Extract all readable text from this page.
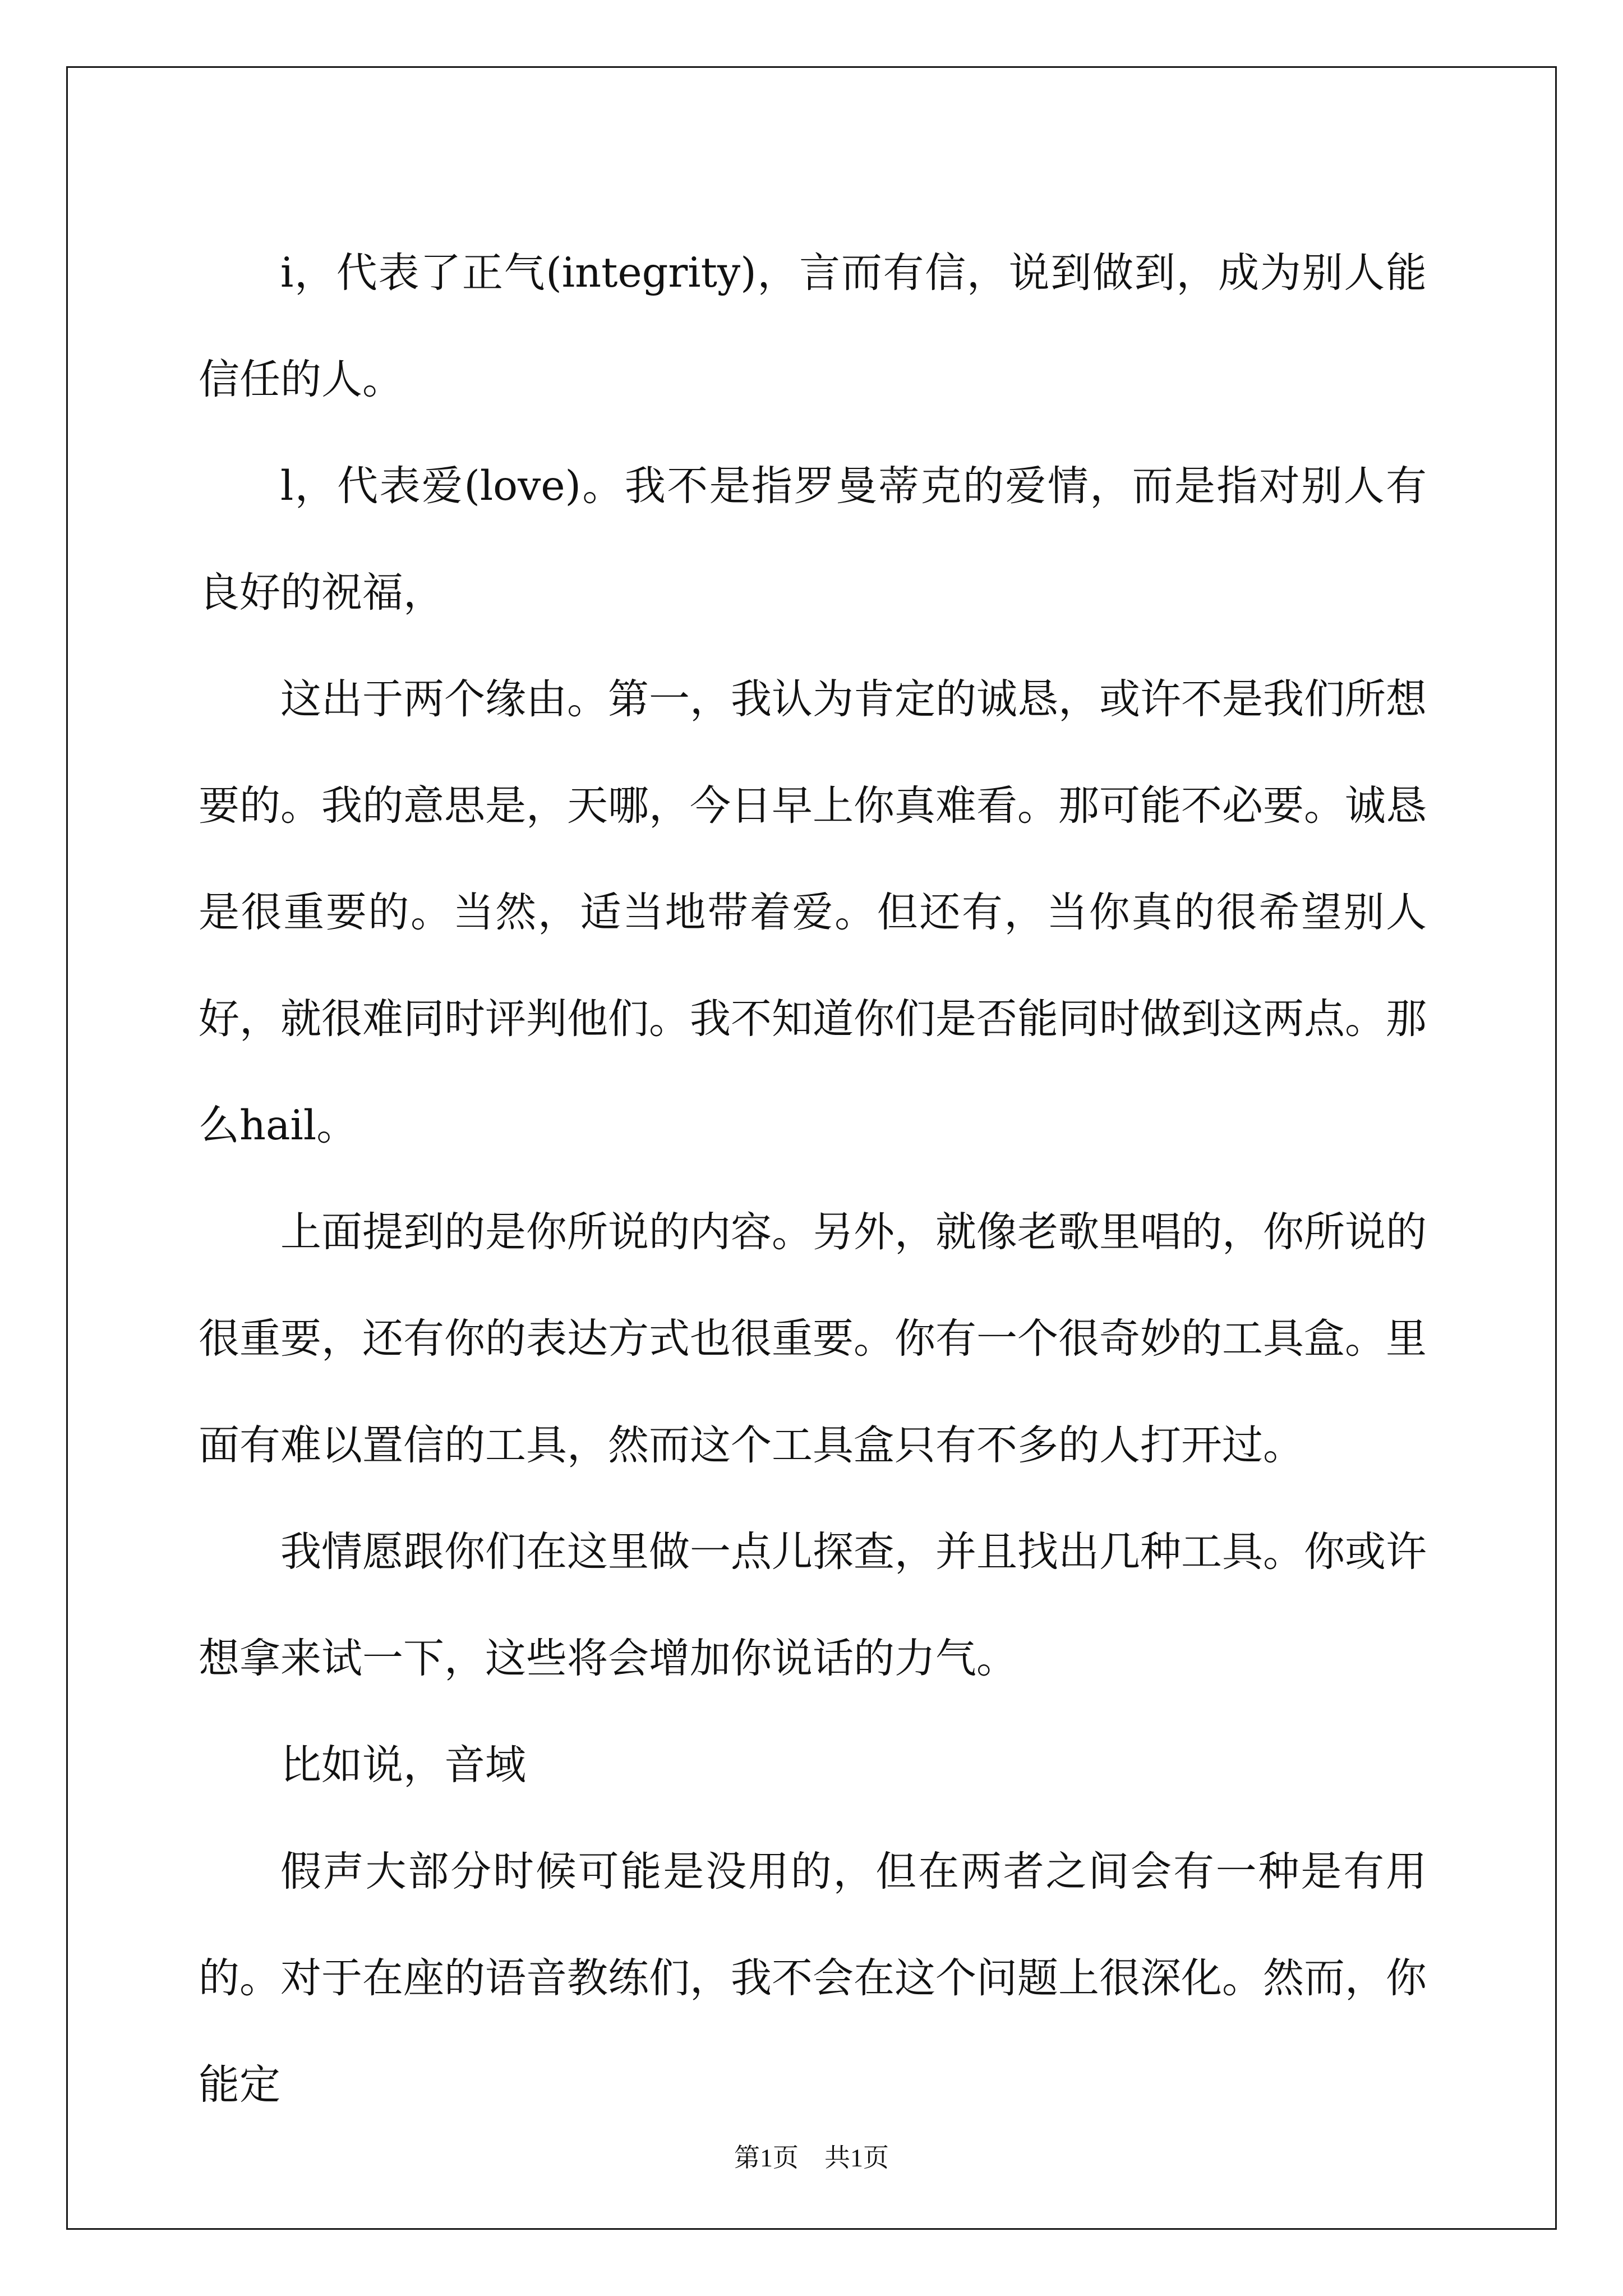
i，代表了正气(integrity)，言而有信，说到做到，成为别人能信任的人。

l，代表爱(love)。我不是指罗曼蒂克的爱情，而是指对别人有良好的祝福，

这出于两个缘由。第一，我认为肯定的诚恳，或许不是我们所想要的。我的意思是，天哪，今日早上你真难看。那可能不必要。诚恳是很重要的。当然，适当地带着爱。但还有，当你真的很希望别人好，就很难同时评判他们。我不知道你们是否能同时做到这两点。那么hail。

上面提到的是你所说的内容。另外，就像老歌里唱的，你所说的很重要，还有你的表达方式也很重要。你有一个很奇妙的工具盒。里面有难以置信的工具，然而这个工具盒只有不多的人打开过。

我情愿跟你们在这里做一点儿探查，并且找出几种工具。你或许想拿来试一下，这些将会增加你说话的力气。

比如说，音域

假声大部分时候可能是没用的，但在两者之间会有一种是有用的。对于在座的语音教练们，我不会在这个问题上很深化。然而，你能定

第1页　共1页
